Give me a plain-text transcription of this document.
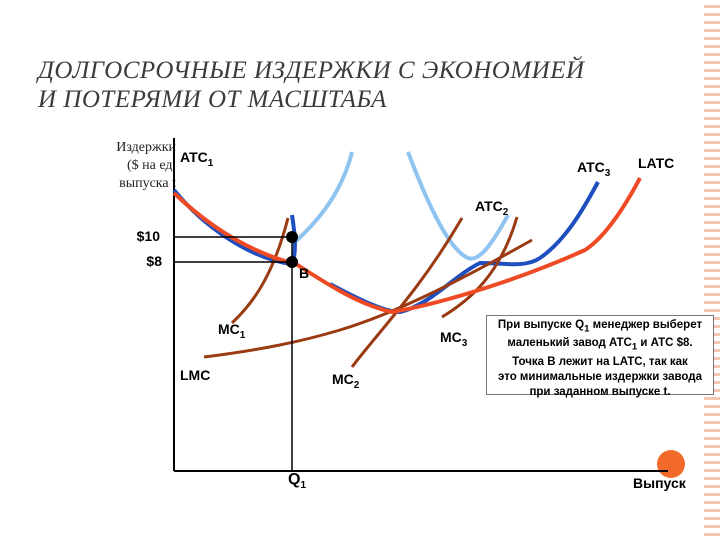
ДОЛГОСРОЧНЫЕ ИЗДЕРЖКИ С ЭКОНОМИЕЙ
И ПОТЕРЯМИ ОТ МАСШТАБА
Издержки
($ на ед.
выпуска t
$10
$8
B
$ATC_1$	$ATC_3$
LATC
$ATC_2$
$MC_1$
$MC_2$
$MC_3$
LMC
$Q_1$	Выпуск
При выпуске $Q_1$ менеджер выберет
маленький завод $ATC_1$ и ATC $8.
Точка B лежит на LATC, так как
это минимальные издержки завода
при заданном выпуске t.
